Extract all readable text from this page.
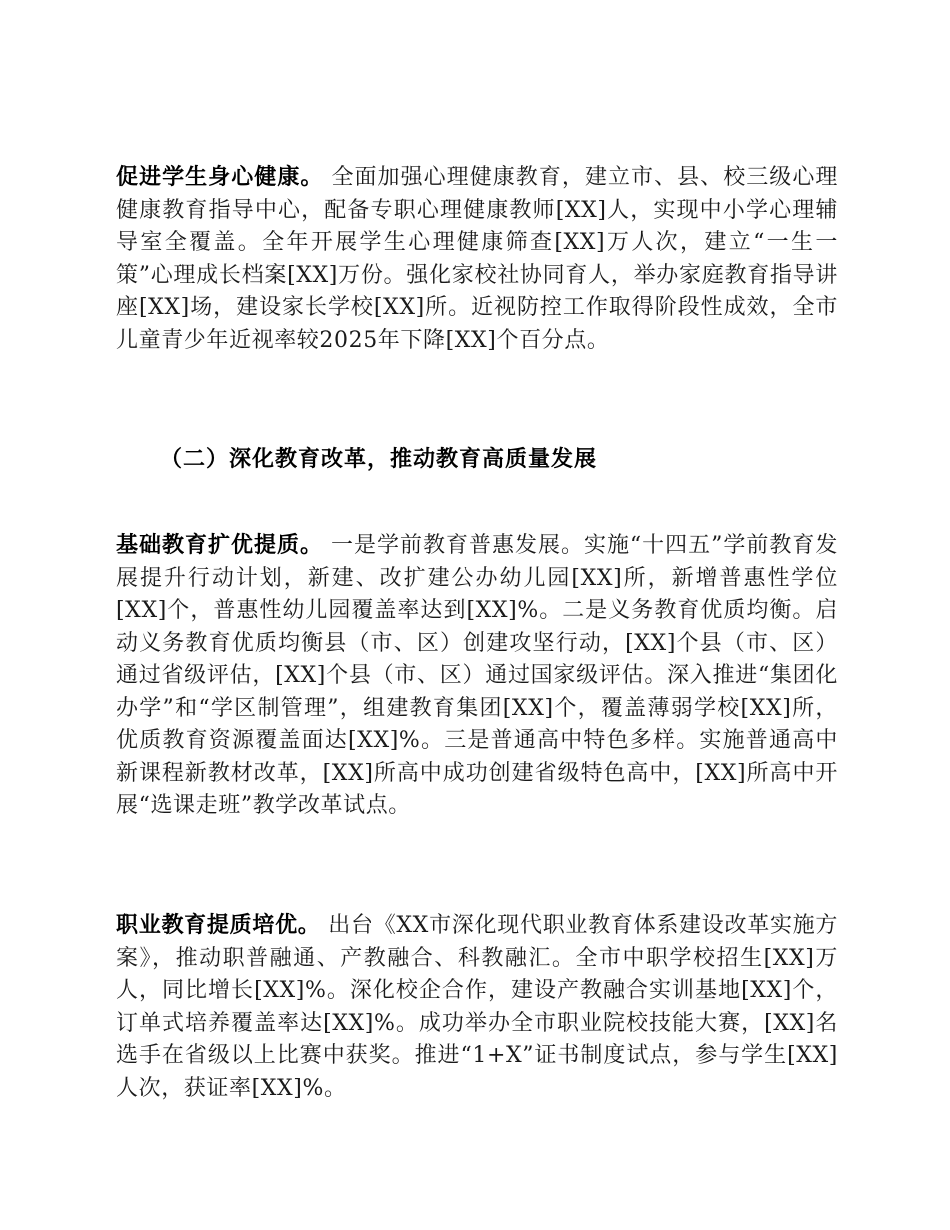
促进学生身心健康。 全面加强心理健康教育，建立市、县、校三级心理健康教育指导中心，配备专职心理健康教师[XX]人，实现中小学心理辅导室全覆盖。全年开展学生心理健康筛查[XX]万人次，建立“一生一策”心理成长档案[XX]万份。强化家校社协同育人，举办家庭教育指导讲座[XX]场，建设家长学校[XX]所。近视防控工作取得阶段性成效，全市儿童青少年近视率较2025年下降[XX]个百分点。

（二）深化教育改革，推动教育高质量发展

基础教育扩优提质。 一是学前教育普惠发展。实施“十四五”学前教育发展提升行动计划，新建、改扩建公办幼儿园[XX]所，新增普惠性学位[XX]个，普惠性幼儿园覆盖率达到[XX]%。二是义务教育优质均衡。启动义务教育优质均衡县（市、区）创建攻坚行动，[XX]个县（市、区）通过省级评估，[XX]个县（市、区）通过国家级评估。深入推进“集团化办学”和“学区制管理”，组建教育集团[XX]个，覆盖薄弱学校[XX]所，优质教育资源覆盖面达[XX]%。三是普通高中特色多样。实施普通高中新课程新教材改革，[XX]所高中成功创建省级特色高中，[XX]所高中开展“选课走班”教学改革试点。

职业教育提质培优。 出台《XX市深化现代职业教育体系建设改革实施方案》，推动职普融通、产教融合、科教融汇。全市中职学校招生[XX]万人，同比增长[XX]%。深化校企合作，建设产教融合实训基地[XX]个，订单式培养覆盖率达[XX]%。成功举办全市职业院校技能大赛，[XX]名选手在省级以上比赛中获奖。推进“1+X”证书制度试点，参与学生[XX]人次，获证率[XX]%。
